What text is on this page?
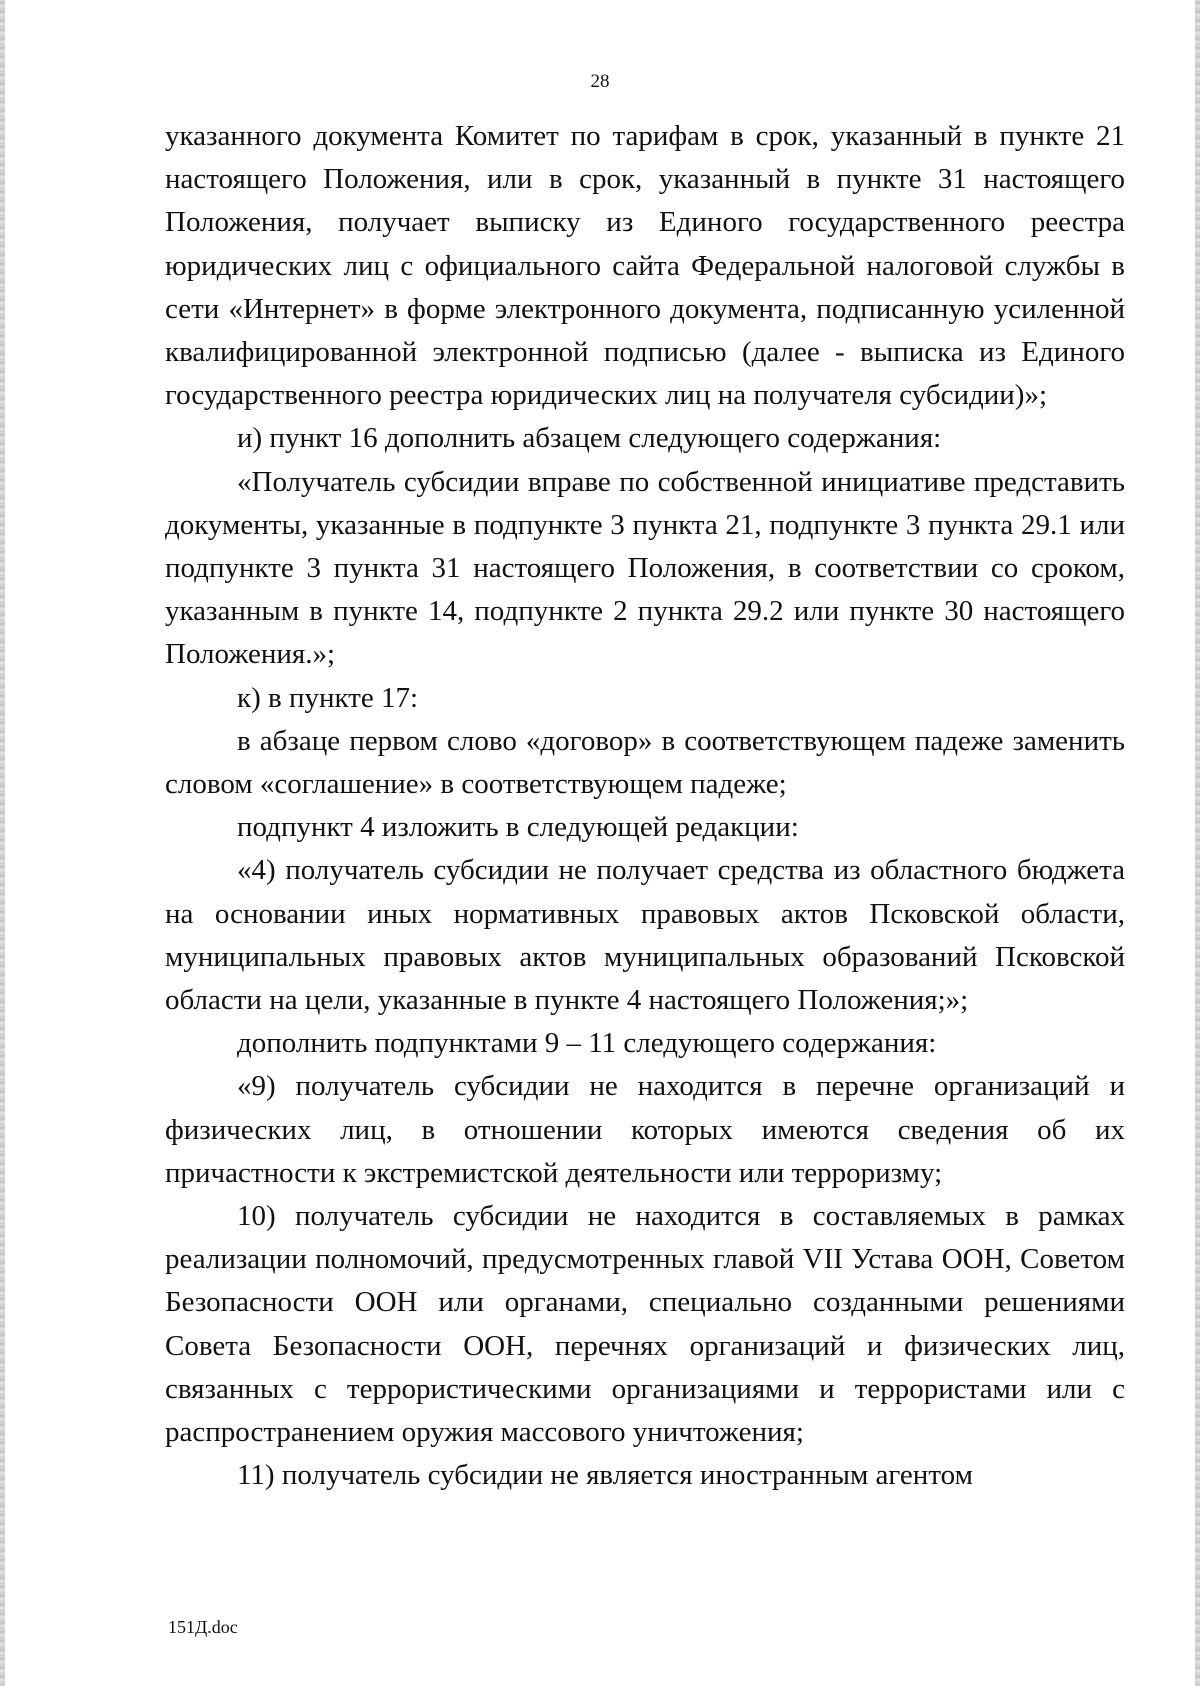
28

указанного документа Комитет по тарифам в срок, указанный в пункте 21 настоящего Положения, или в срок, указанный в пункте 31 настоящего Положения, получает выписку из Единого государственного реестра юридических лиц с официального сайта Федеральной налоговой службы в сети «Интернет» в форме электронного документа, подписанную усиленной квалифицированной электронной подписью (далее - выписка из Единого государственного реестра юридических лиц на получателя субсидии)»;

и) пункт 16 дополнить абзацем следующего содержания:

«Получатель субсидии вправе по собственной инициативе представить документы, указанные в подпункте 3 пункта 21, подпункте 3 пункта 29.1 или подпункте 3 пункта 31 настоящего Положения, в соответствии со сроком, указанным в пункте 14, подпункте 2 пункта 29.2 или пункте 30 настоящего Положения.»;

к) в пункте 17:

в абзаце первом слово «договор» в соответствующем падеже заменить словом «соглашение» в соответствующем падеже;

подпункт 4 изложить в следующей редакции:

«4) получатель субсидии не получает средства из областного бюджета на основании иных нормативных правовых актов Псковской области, муниципальных правовых актов муниципальных образований Псковской области на цели, указанные в пункте 4 настоящего Положения;»;

дополнить подпунктами 9 – 11 следующего содержания:

«9) получатель субсидии не находится в перечне организаций и физических лиц, в отношении которых имеются сведения об их причастности к экстремистской деятельности или терроризму;

10) получатель субсидии не находится в составляемых в рамках реализации полномочий, предусмотренных главой VII Устава ООН, Советом Безопасности ООН или органами, специально созданными решениями Совета Безопасности ООН, перечнях организаций и физических лиц, связанных с террористическими организациями и террористами или с распространением оружия массового уничтожения;

11) получатель субсидии не является иностранным агентом

151Д.doc
